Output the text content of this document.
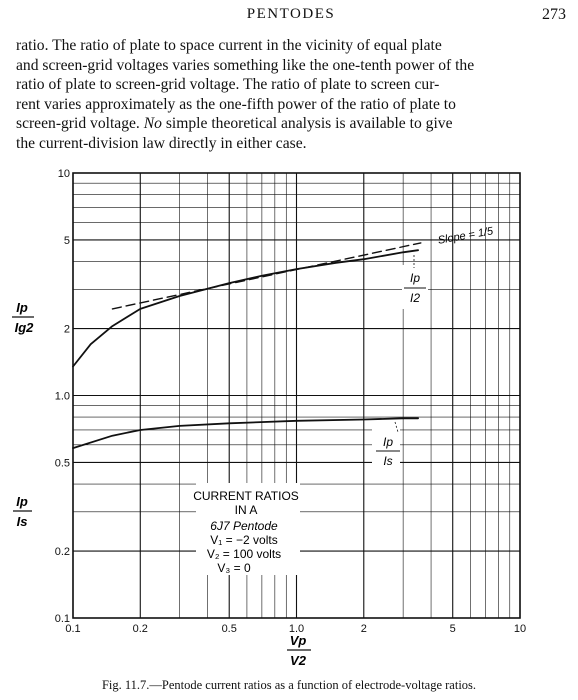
PENTODES	273
ratio. The ratio of plate to space current in the vicinity of equal plate
and screen-grid voltages varies something like the one-tenth power of the
ratio of plate to screen-grid voltage. The ratio of plate to screen cur-
rent varies approximately as the one-fifth power of the ratio of plate to
screen-grid voltage. No simple theoretical analysis is available to give
the current-division law directly in either case.
0.1	0.2	0.5	1.0	2	5	10
0.1
0.2
0.5
1.0
2
5
10
CURRENT RATIOS
IN A
6J7 Pentode
V₁ = −2 volts
V₂ = 100 volts
V₃ = 0
Ip
Ig2
Ip
Is
Vp
V2
Ip
I2
Ip
Is
Slope = 1/5
Fig. 11.7.—Pentode current ratios as a function of electrode-voltage ratios.
